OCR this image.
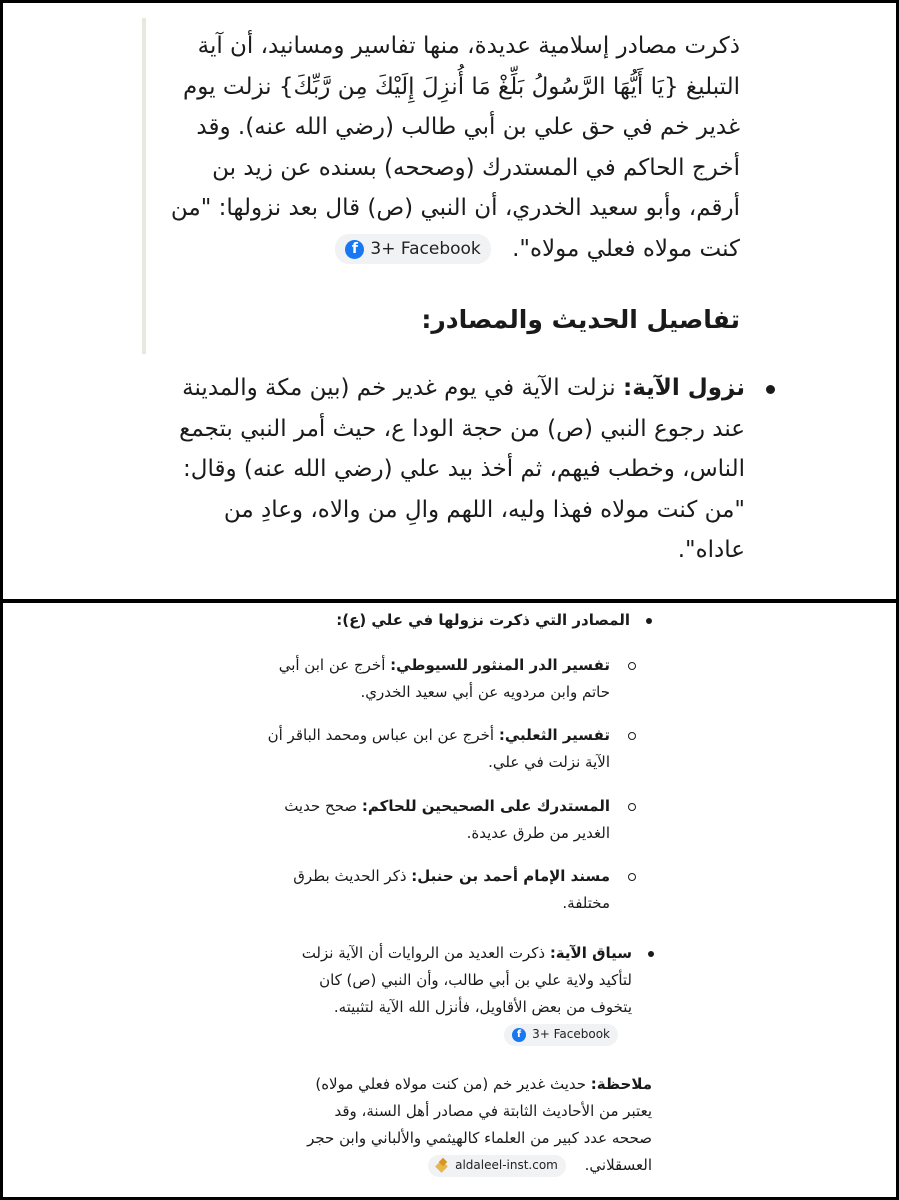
ذكرت مصادر إسلامية عديدة، منها تفاسير ومسانيد، أن آية التبليغ {يَا أَيُّهَا الرَّسُولُ بَلِّغْ مَا أُنزِلَ إِلَيْكَ مِن رَّبِّكَ} نزلت يوم غدير خم في حق علي بن أبي طالب (رضي الله عنه). وقد أخرج الحاكم في المستدرك (وصححه) بسنده عن زيد بن أرقم، وأبو سعيد الخدري، أن النبي (ص) قال بعد نزولها: "من كنت مولاه فعلي مولاه".
f 3+ Facebook
تفاصيل الحديث والمصادر:
نزول الآية: نزلت الآية في يوم غدير خم (بين مكة والمدينة عند رجوع النبي (ص) من حجة الودا ع، حيث أمر النبي بتجمع الناس، وخطب فيهم، ثم أخذ بيد علي (رضي الله عنه) وقال: "من كنت مولاه فهذا وليه، اللهم والِ من والاه، وعادِ من عاداه".
المصادر التي ذكرت نزولها في علي (ع):
تفسير الدر المنثور للسيوطي: أخرج عن ابن أبي حاتم وابن مردويه عن أبي سعيد الخدري.
تفسير الثعلبي: أخرج عن ابن عباس ومحمد الباقر أن الآية نزلت في علي.
المستدرك على الصحيحين للحاكم: صحح حديث الغدير من طرق عديدة.
مسند الإمام أحمد بن حنبل: ذكر الحديث بطرق مختلفة.
سياق الآية: ذكرت العديد من الروايات أن الآية نزلت لتأكيد ولاية علي بن أبي طالب، وأن النبي (ص) كان يتخوف من بعض الأقاويل، فأنزل الله الآية لتثبيته.
f 3+ Facebook
ملاحظة: حديث غدير خم (من كنت مولاه فعلي مولاه) يعتبر من الأحاديث الثابتة في مصادر أهل السنة، وقد صححه عدد كبير من العلماء كالهيثمي والألباني وابن حجر العسقلاني.
aldaleel-inst.com
